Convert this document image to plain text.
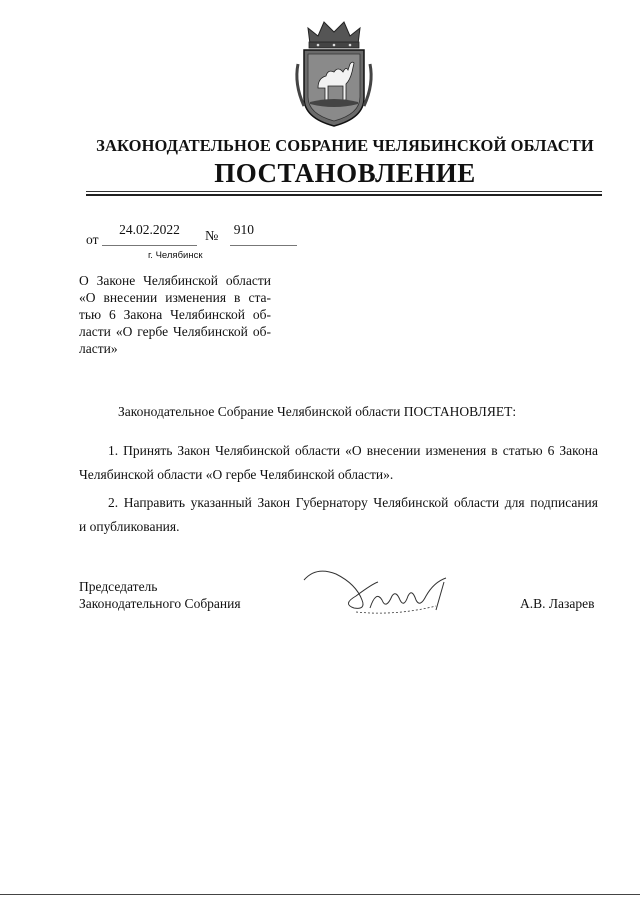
ЗАКОНОДАТЕЛЬНОЕ СОБРАНИЕ ЧЕЛЯБИНСКОЙ ОБЛАСТИ
ПОСТАНОВЛЕНИЕ
от
24.02.2022	№ 910
г. Челябинск
О Законе Челябинской области
«О внесении изменения в ста-
тью 6 Закона Челябинской об-
ласти «О гербе Челябинской об-
ласти»
Законодательное Собрание Челябинской области ПОСТАНОВЛЯЕТ:
1. Принять Закон Челябинской области «О внесении изменения в статью 6 Закона
Челябинской области «О гербе Челябинской области».
2. Направить указанный Закон Губернатору Челябинской области для подписания
и опубликования.
Председатель
Законодательного Собрания	А.В. Лазарев
